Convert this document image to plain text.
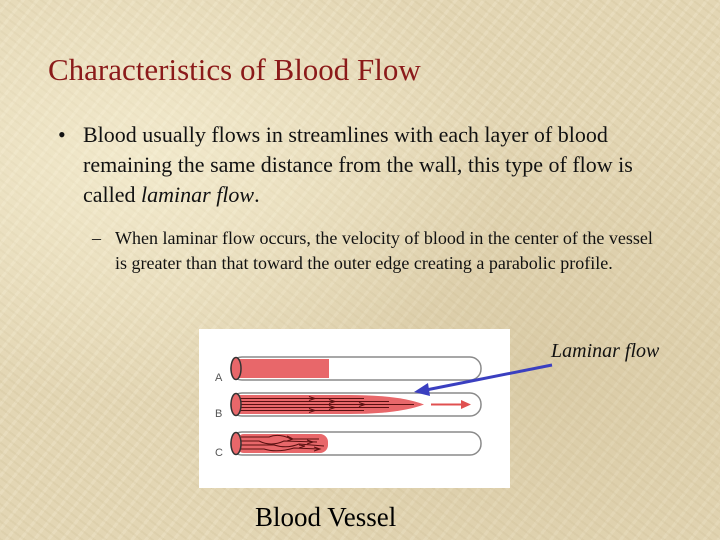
Characteristics of Blood Flow
• Blood usually flows in streamlines with each layer of blood remaining the same distance from the wall, this type of flow is called laminar flow.
– When laminar flow occurs, the velocity of blood in the center of the vessel is greater than that toward the outer edge creating a parabolic profile.
A
B
C
Laminar flow
Blood Vessel
